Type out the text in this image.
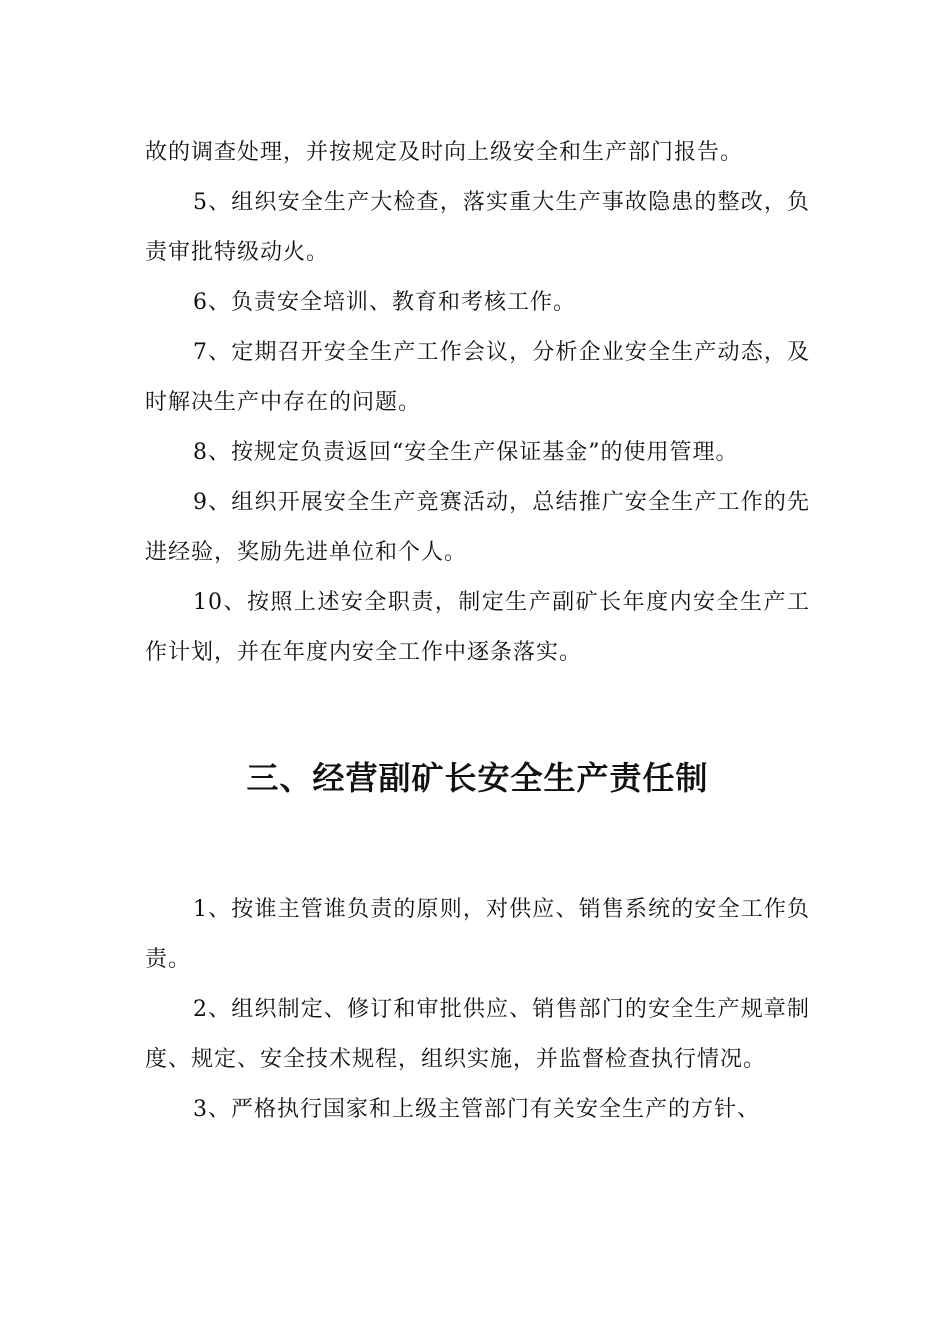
故的调查处理，并按规定及时向上级安全和生产部门报告。

5、组织安全生产大检查，落实重大生产事故隐患的整改，负责审批特级动火。

6、负责安全培训、教育和考核工作。

7、定期召开安全生产工作会议，分析企业安全生产动态，及时解决生产中存在的问题。

8、按规定负责返回“安全生产保证基金”的使用管理。

9、组织开展安全生产竞赛活动，总结推广安全生产工作的先进经验，奖励先进单位和个人。

10、按照上述安全职责，制定生产副矿长年度内安全生产工作计划，并在年度内安全工作中逐条落实。

三、经营副矿长安全生产责任制

1、按谁主管谁负责的原则，对供应、销售系统的安全工作负责。

2、组织制定、修订和审批供应、销售部门的安全生产规章制度、规定、安全技术规程，组织实施，并监督检查执行情况。

3、严格执行国家和上级主管部门有关安全生产的方针、
